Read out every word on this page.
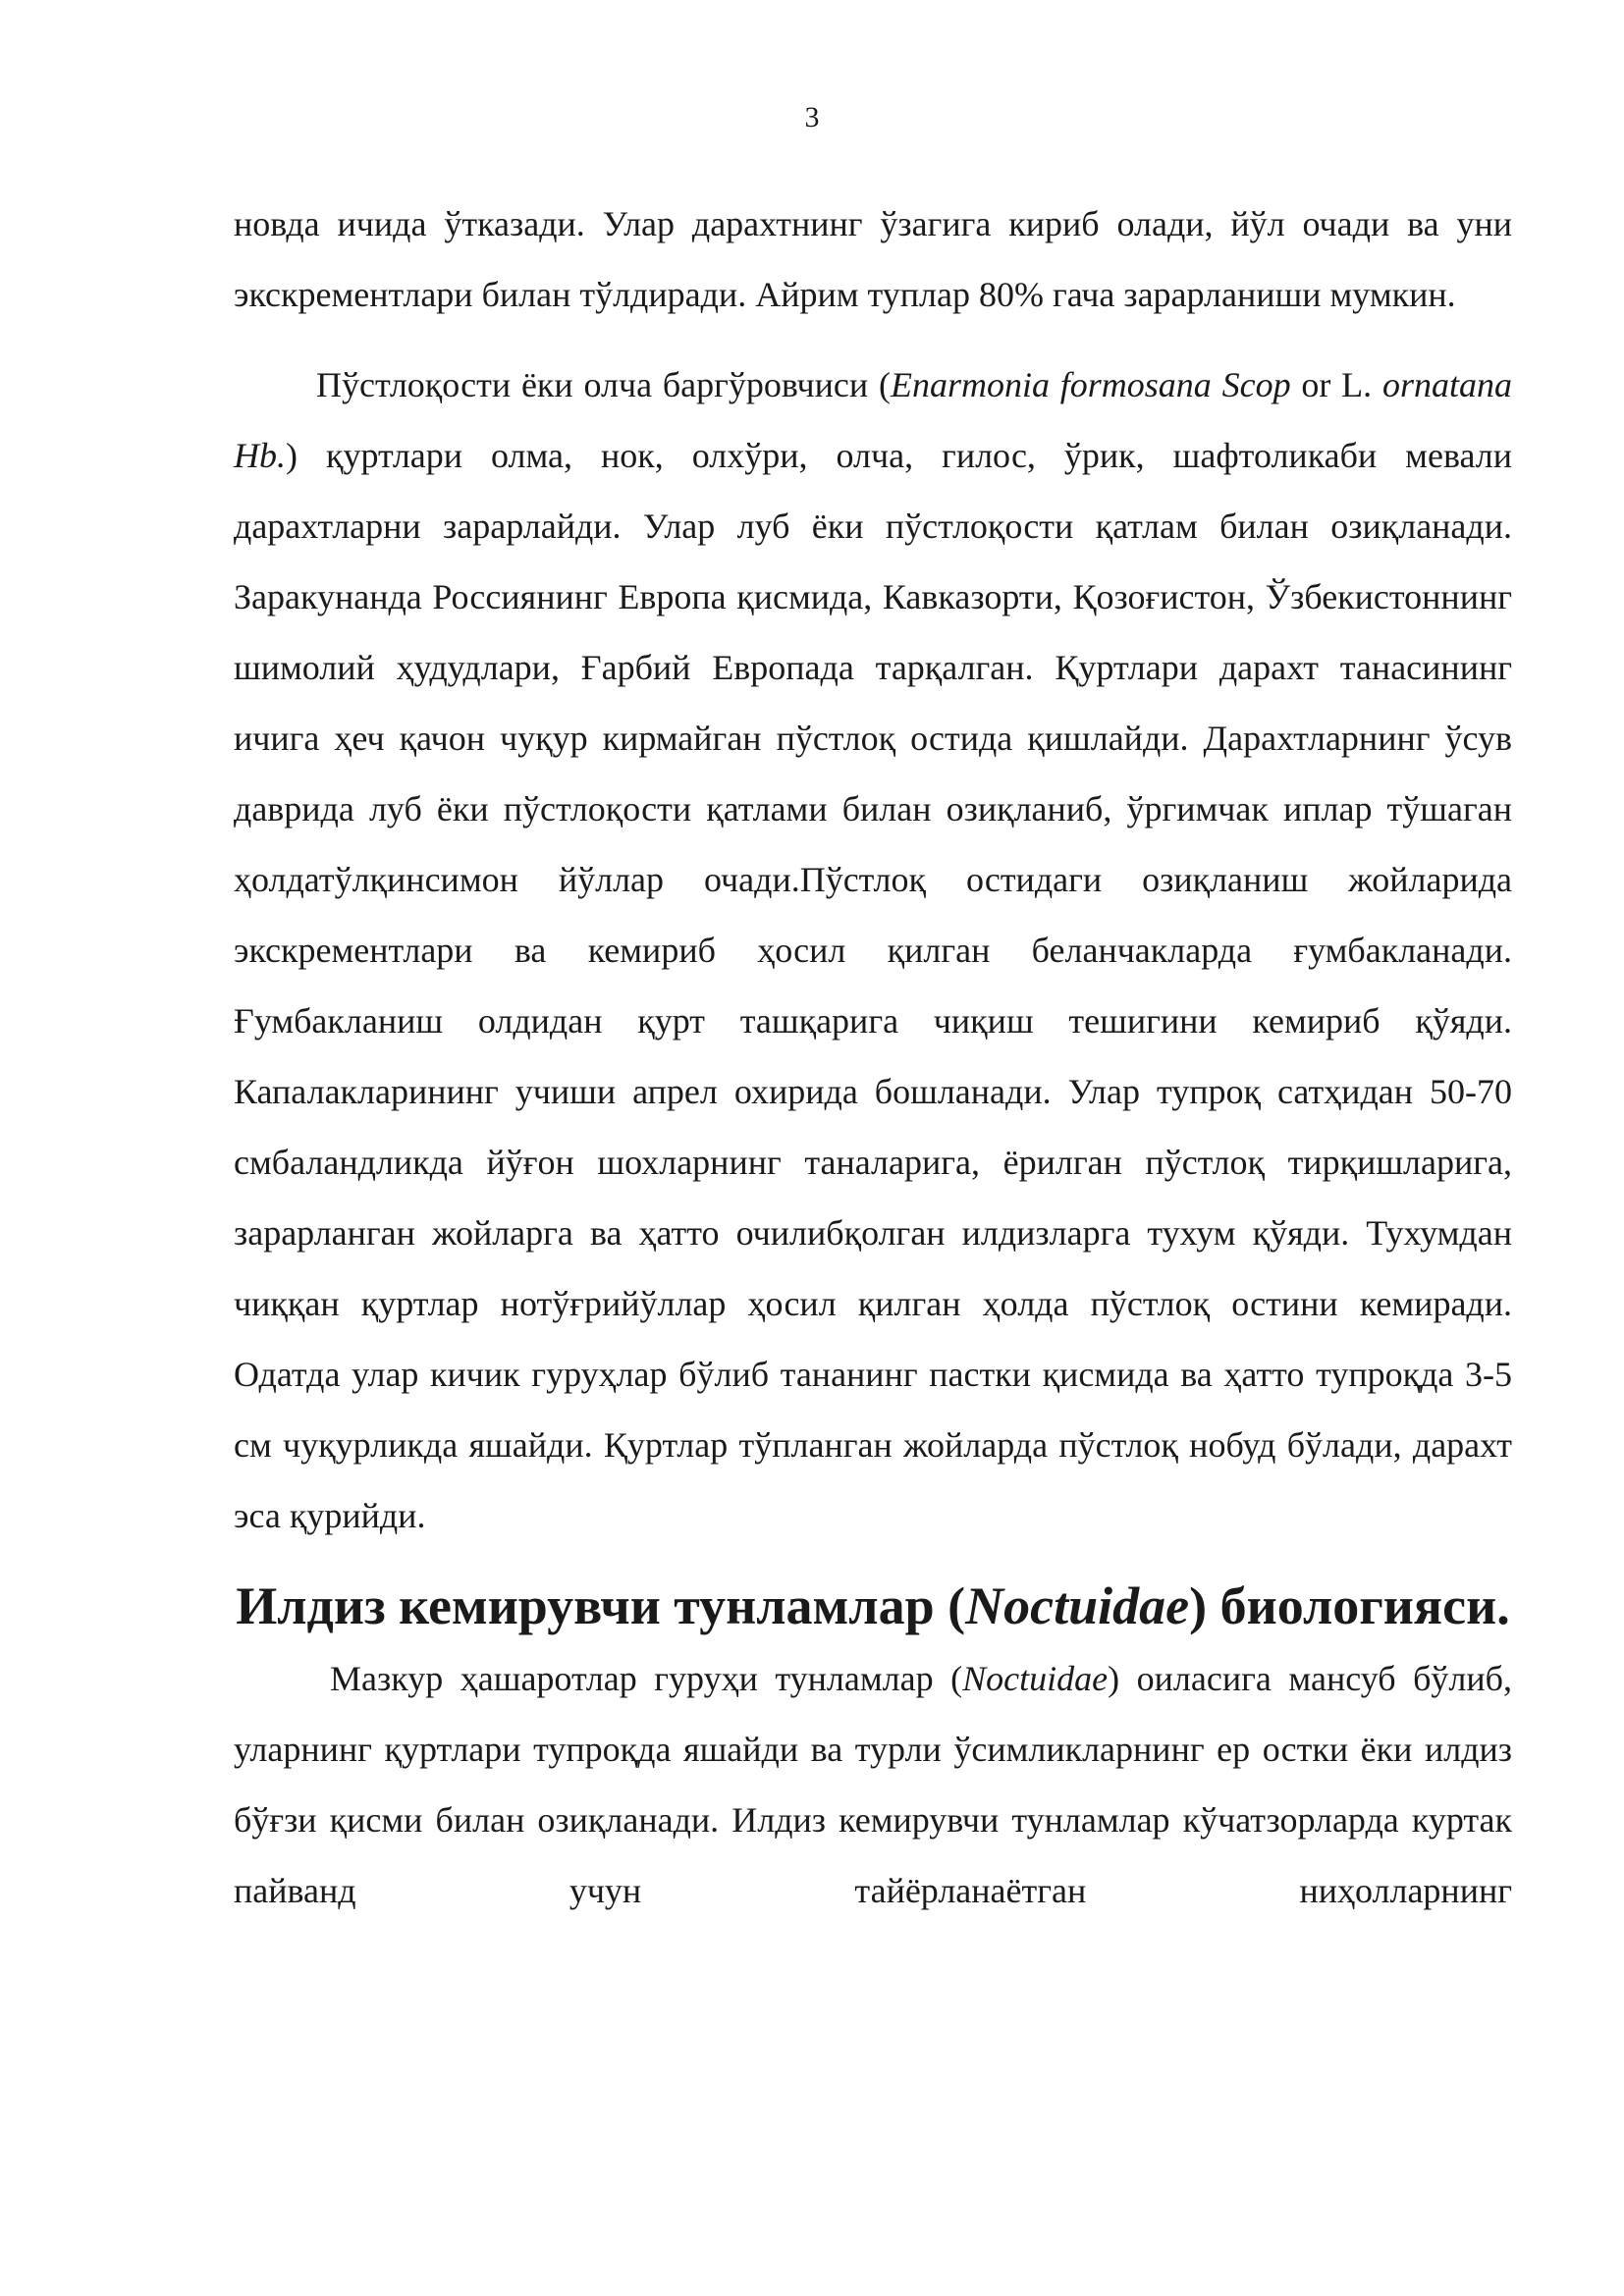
3

новда ичида ўтказади. Улар дарахтнинг ўзагига кириб олади, йўл очади ва уни экскрементлари билан тўлдиради. Айрим туплар 80% гача зарарланиши мумкин.

Пўстлоқости ёки олча баргўровчиси (Enarmonia formosana Scop or L. ornatana Hb.) қуртлари олма, нок, олхўри, олча, гилос, ўрик, шафтоликаби мевали дарахтларни зарарлайди. Улар луб ёки пўстлоқости қатлам билан озиқланади. Заракунанда Россиянинг Европа қисмида, Кавказорти, Қозоғистон, Ўзбекистоннинг шимолий ҳудудлари, Ғарбий Европада тарқалган. Қуртлари дарахт танасининг ичига ҳеч қачон чуқур кирмайган пўстлоқ остида қишлайди. Дарахтларнинг ўсув даврида луб ёки пўстлоқости қатлами билан озиқланиб, ўргимчак иплар тўшаган ҳолдатўлқинсимон йўллар очади.Пўстлоқ остидаги озиқланиш жойларида экскрементлари ва кемириб ҳосил қилган беланчакларда ғумбакланади. Ғумбакланиш олдидан қурт ташқарига чиқиш тешигини кемириб қўяди. Капалакларининг учиши апрел охирида бошланади. Улар тупроқ сатҳидан 50-70 смбаландликда йўғон шохларнинг таналарига, ёрилган пўстлоқ тирқишларига, зарарланган жойларга ва ҳатто очилибқолган илдизларга тухум қўяди. Тухумдан чиққан қуртлар нотўғрийўллар ҳосил қилган ҳолда пўстлоқ остини кемиради. Одатда улар кичик гуруҳлар бўлиб тананинг пастки қисмида ва ҳатто тупроқда 3-5 см чуқурликда яшайди. Қуртлар тўпланган жойларда пўстлоқ нобуд бўлади, дарахт эса қурийди.

Илдиз кемирувчи тунламлар (Noctuidae) биологияси.

Мазкур ҳашаротлар гуруҳи тунламлар (Noctuidae) оиласига мансуб бўлиб, уларнинг қуртлари тупроқда яшайди ва турли ўсимликларнинг ер остки ёки илдиз бўғзи қисми билан озиқланади. Илдиз кемирувчи тунламлар кўчатзорларда куртак пайванд учун тайёрланаётган ниҳолларнинг
